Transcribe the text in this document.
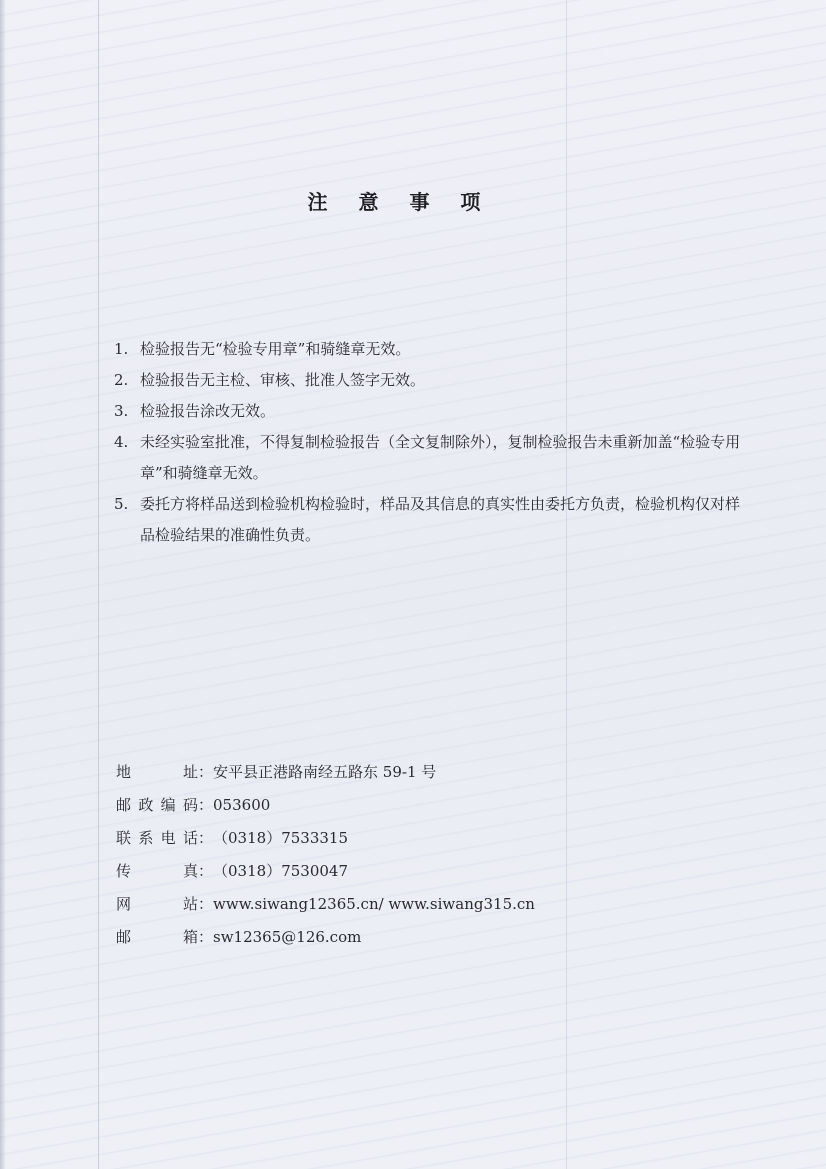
注 意 事 项
1. 检验报告无“检验专用章”和骑缝章无效。
2. 检验报告无主检、审核、批准人签字无效。
3. 检验报告涂改无效。
4. 未经实验室批准，不得复制检验报告（全文复制除外），复制检验报告未重新加盖“检验专用章”和骑缝章无效。
5. 委托方将样品送到检验机构检验时，样品及其信息的真实性由委托方负责，检验机构仅对样品检验结果的准确性负责。
地址：安平县正港路南经五路东 59-1 号
邮政编码：053600
联系电话：（0318）7533315
传真：（0318）7530047
网站：www.siwang12365.cn/ www.siwang315.cn
邮箱：sw12365@126.com
